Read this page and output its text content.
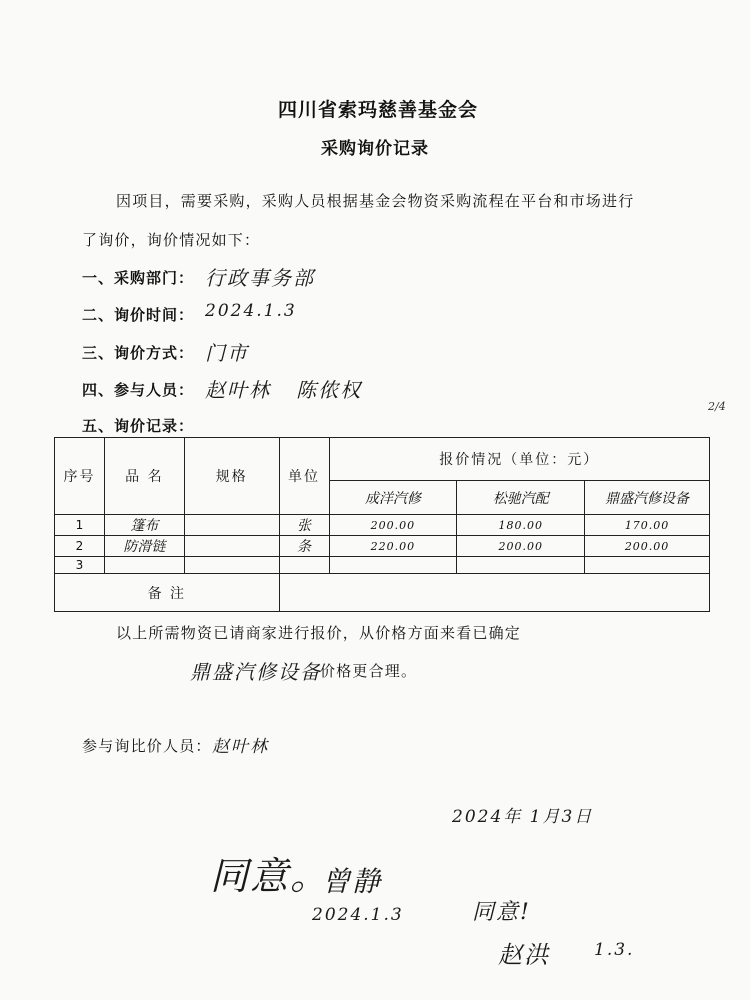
四川省索玛慈善基金会
采购询价记录
因项目，需要采购，采购人员根据基金会物资采购流程在平台和市场进行
了询价，询价情况如下：
一、采购部门： 行政事务部
二、询价时间： 2024.1.3
三、询价方式： 门市
四、参与人员： 赵叶林   陈侬权
五、询价记录：
2/4
序号	品 名	规格	单位	报价情况（单位：元）		
				成洋汽修	松驰汽配	鼎盛汽修设备
1	篷布		张	200.00	180.00	170.00
2	防滑链		条	220.00	200.00	200.00
3						
备 注						
以上所需物资已请商家进行报价，从价格方面来看已确定
鼎盛汽修设备
价格更合理。
参与询比价人员： 赵叶林
2024年 1月3日
同意。
曾静
2024.1.3	同意!
赵洪	1.3.
